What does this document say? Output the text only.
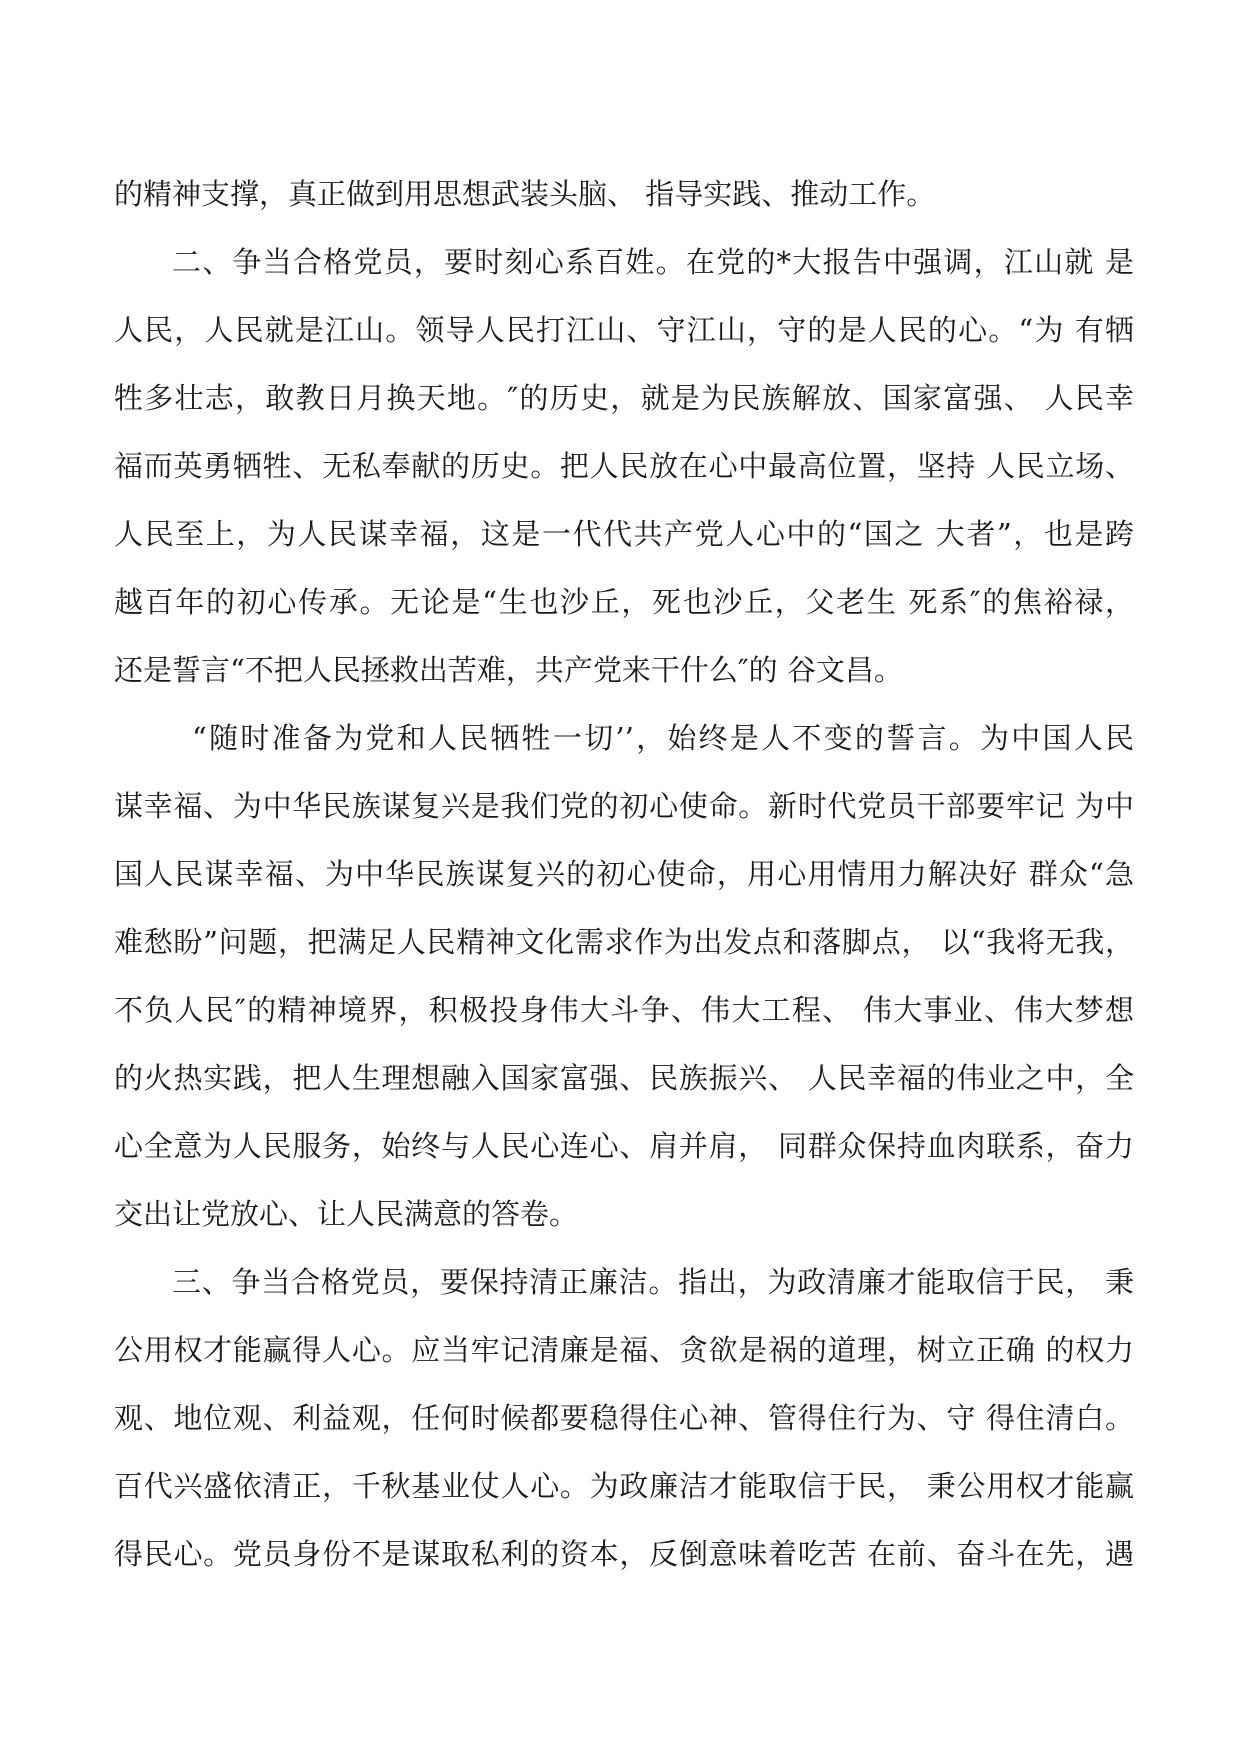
的精神支撑，真正做到用思想武装头脑、 指导实践、推动工作。
二、争当合格党员，要时刻心系百姓。在党的*大报告中强调，江山就 是
人民，人民就是江山。领导人民打江山、守江山，守的是人民的心。“为 有牺
牲多壮志，敢教日月换天地。″的历史，就是为民族解放、国家富强、 人民幸
福而英勇牺牲、无私奉献的历史。把人民放在心中最高位置，坚持 人民立场、
人民至上，为人民谋幸福，这是一代代共产党人心中的“国之 大者”，也是跨
越百年的初心传承。无论是“生也沙丘，死也沙丘，父老生 死系″的焦裕禄，
还是誓言“不把人民拯救出苦难，共产党来干什么″的 谷文昌。
“随时准备为党和人民牺牲一切’’，始终是人不变的誓言。为中国人民
谋幸福、为中华民族谋复兴是我们党的初心使命。新时代党员干部要牢记 为中
国人民谋幸福、为中华民族谋复兴的初心使命，用心用情用力解决好 群众“急
难愁盼”问题，把满足人民精神文化需求作为出发点和落脚点， 以“我将无我，
不负人民″的精神境界，积极投身伟大斗争、伟大工程、 伟大事业、伟大梦想
的火热实践，把人生理想融入国家富强、民族振兴、 人民幸福的伟业之中，全
心全意为人民服务，始终与人民心连心、肩并肩， 同群众保持血肉联系，奋力
交出让党放心、让人民满意的答卷。
三、争当合格党员，要保持清正廉洁。指出，为政清廉才能取信于民， 秉
公用权才能赢得人心。应当牢记清廉是福、贪欲是祸的道理，树立正确 的权力
观、地位观、利益观，任何时候都要稳得住心神、管得住行为、守 得住清白。
百代兴盛依清正，千秋基业仗人心。为政廉洁才能取信于民， 秉公用权才能赢
得民心。党员身份不是谋取私利的资本，反倒意味着吃苦 在前、奋斗在先，遇
